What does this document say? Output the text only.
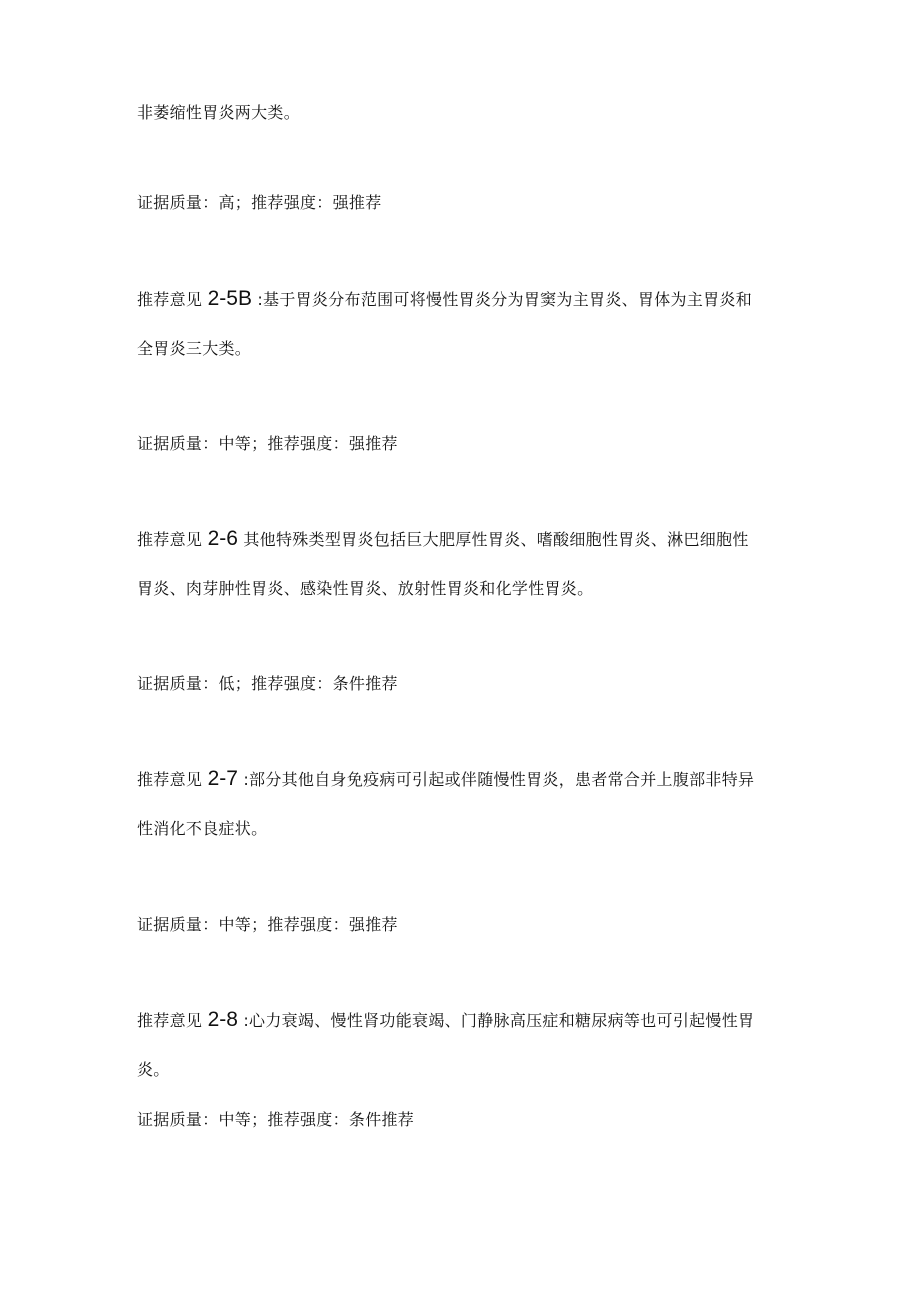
非萎缩性胃炎两大类。
证据质量：高；推荐强度：强推荐
推荐意见 2-5B :基于胃炎分布范围可将慢性胃炎分为胃窦为主胃炎、胃体为主胃炎和
全胃炎三大类。
证据质量：中等；推荐强度：强推荐
推荐意见 2-6 其他特殊类型胃炎包括巨大肥厚性胃炎、嗜酸细胞性胃炎、淋巴细胞性
胃炎、肉芽肿性胃炎、感染性胃炎、放射性胃炎和化学性胃炎。
证据质量：低；推荐强度：条件推荐
推荐意见 2-7 :部分其他自身免疫病可引起或伴随慢性胃炎，患者常合并上腹部非特异
性消化不良症状。
证据质量：中等；推荐强度：强推荐
推荐意见 2-8 :心力衰竭、慢性肾功能衰竭、门静脉高压症和糖尿病等也可引起慢性胃
炎。
证据质量：中等；推荐强度：条件推荐
